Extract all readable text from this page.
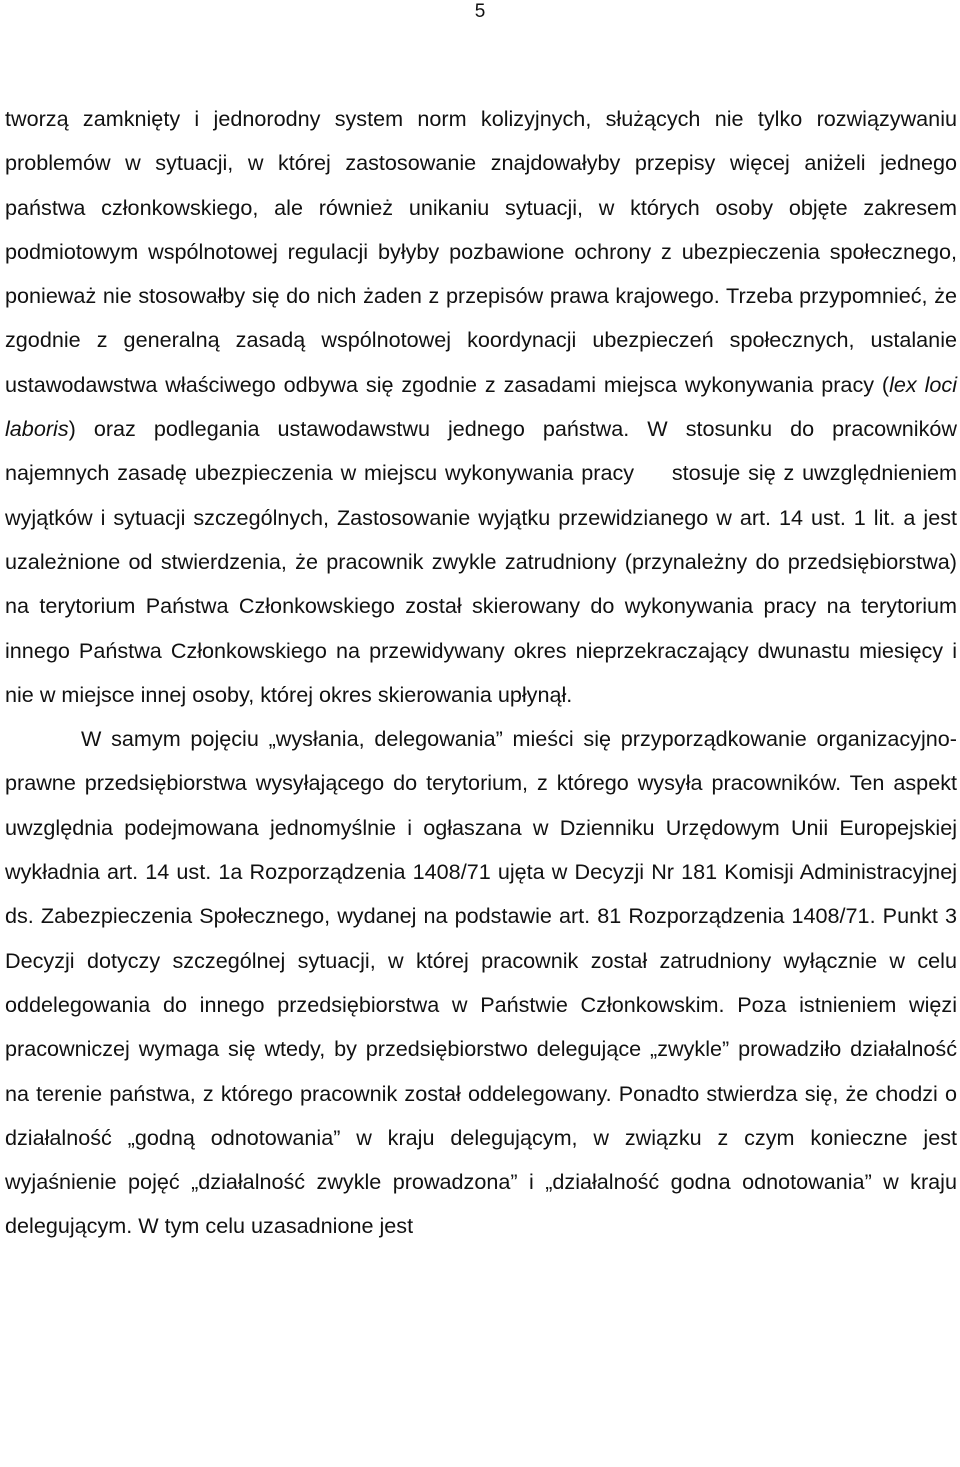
5

tworzą zamknięty i jednorodny system norm kolizyjnych, służących nie tylko rozwiązywaniu problemów w sytuacji, w której zastosowanie znajdowałyby przepisy więcej aniżeli jednego państwa członkowskiego, ale również unikaniu sytuacji, w których osoby objęte zakresem podmiotowym wspólnotowej regulacji byłyby pozbawione ochrony z ubezpieczenia społecznego, ponieważ nie stosowałby się do nich żaden z przepisów prawa krajowego. Trzeba przypomnieć, że zgodnie z generalną zasadą wspólnotowej koordynacji ubezpieczeń społecznych, ustalanie ustawodawstwa właściwego odbywa się zgodnie z zasadami miejsca wykonywania pracy (lex loci laboris) oraz podlegania ustawodawstwu jednego państwa. W stosunku do pracowników najemnych zasadę ubezpieczenia w miejscu wykonywania pracy stosuje się z uwzględnieniem wyjątków i sytuacji szczególnych, Zastosowanie wyjątku przewidzianego w art. 14 ust. 1 lit. a jest uzależnione od stwierdzenia, że pracownik zwykle zatrudniony (przynależny do przedsiębiorstwa) na terytorium Państwa Członkowskiego został skierowany do wykonywania pracy na terytorium innego Państwa Członkowskiego na przewidywany okres nieprzekraczający dwunastu miesięcy i nie w miejsce innej osoby, której okres skierowania upłynął.

W samym pojęciu „wysłania, delegowania” mieści się przyporządkowanie organizacyjno-prawne przedsiębiorstwa wysyłającego do terytorium, z którego wysyła pracowników. Ten aspekt uwzględnia podejmowana jednomyślnie i ogłaszana w Dzienniku Urzędowym Unii Europejskiej wykładnia art. 14 ust. 1a Rozporządzenia 1408/71 ujęta w Decyzji Nr 181 Komisji Administracyjnej ds. Zabezpieczenia Społecznego, wydanej na podstawie art. 81 Rozporządzenia 1408/71. Punkt 3 Decyzji dotyczy szczególnej sytuacji, w której pracownik został zatrudniony wyłącznie w celu oddelegowania do innego przedsiębiorstwa w Państwie Członkowskim. Poza istnieniem więzi pracowniczej wymaga się wtedy, by przedsiębiorstwo delegujące „zwykle” prowadziło działalność na terenie państwa, z którego pracownik został oddelegowany. Ponadto stwierdza się, że chodzi o działalność „godną odnotowania” w kraju delegującym, w związku z czym konieczne jest wyjaśnienie pojęć „działalność zwykle prowadzona” i „działalność godna odnotowania” w kraju delegującym. W tym celu uzasadnione jest
